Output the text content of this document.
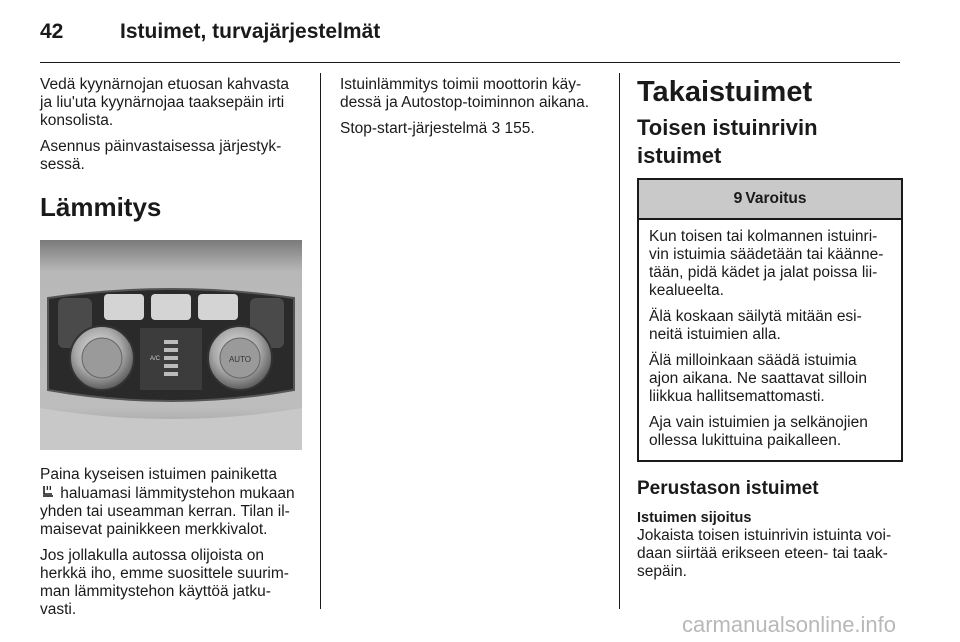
42	Istuimet, turvajärjestelmät

Vedä kyynärnojan etuosan kahvasta
ja liu'uta kyynärnojaa taaksepäin irti
konsolista.

Asennus päinvastaisessa järjestyk-
sessä.

Lämmitys
AUTO
A/C

Paina kyseisen istuimen painiketta
haluamasi lämmitystehon mukaan
yhden tai useamman kerran. Tilan il-
maisevat painikkeen merkkivalot.

Jos jollakulla autossa olijoista on
herkkä iho, emme suosittele suurim-
man lämmitystehon käyttöä jatku-
vasti.

Istuinlämmitys toimii moottorin käy-
dessä ja Autostop-toiminnon aikana.

Stop-start-järjestelmä 3 155.

Takaistuimet
Toisen istuinrivin istuimet
9 Varoitus

Kun toisen tai kolmannen istuinri-
vin istuimia säädetään tai käänne-
tään, pidä kädet ja jalat poissa lii-
kealueelta.

Älä koskaan säilytä mitään esi-
neitä istuimien alla.

Älä milloinkaan säädä istuimia
ajon aikana. Ne saattavat silloin
liikkua hallitsemattomasti.

Aja vain istuimien ja selkänojien
ollessa lukittuina paikalleen.

Perustason istuimet
Istuimen sijoitus

Jokaista toisen istuinrivin istuinta voi-
daan siirtää erikseen eteen- tai taak-
sepäin.

carmanualsonline.info
